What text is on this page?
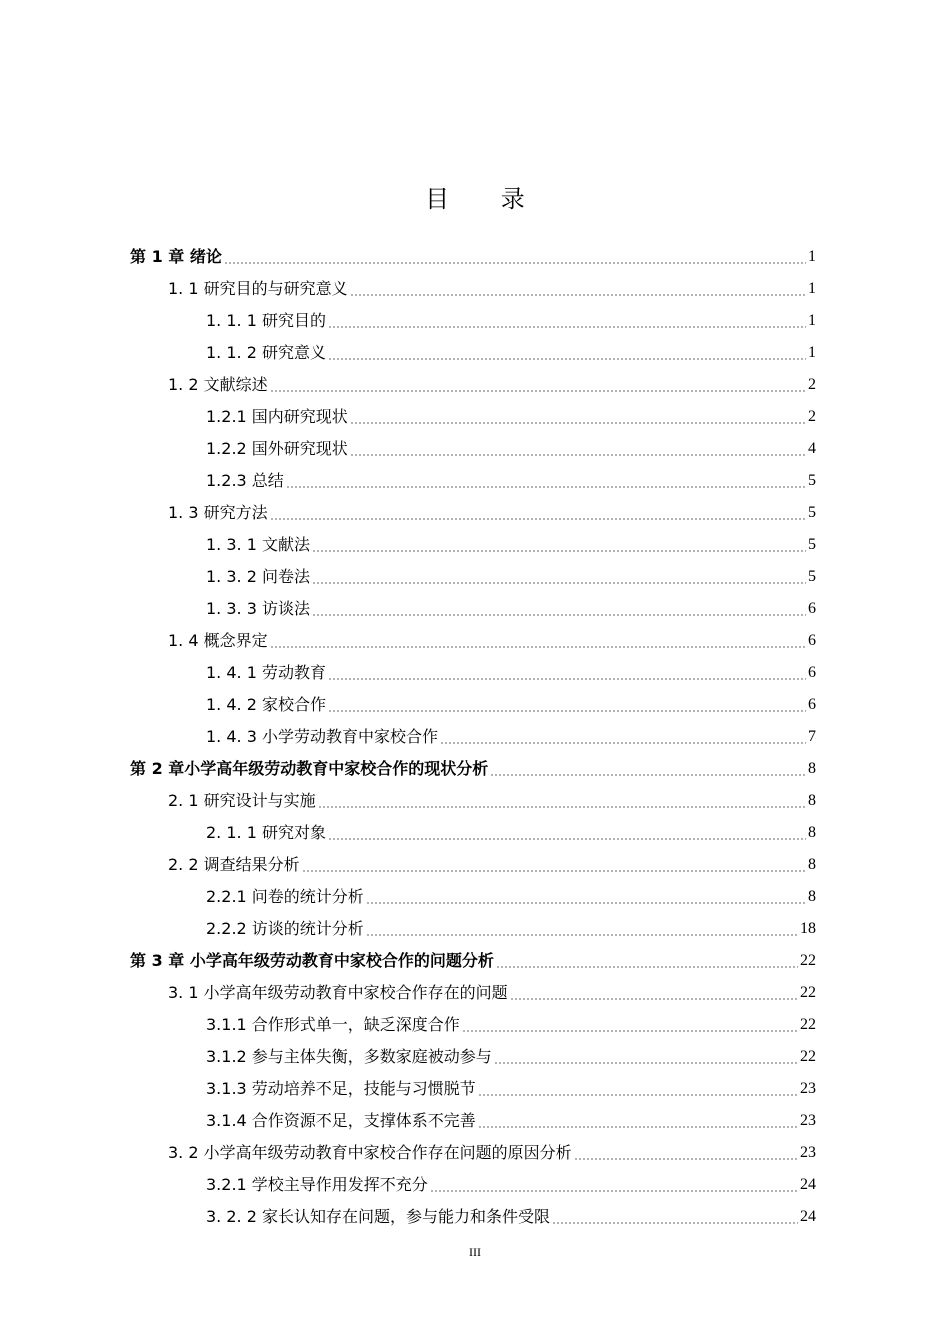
目 录
第 1 章 绪论	1
1. 1 研究目的与研究意义	1
1. 1. 1 研究目的	1
1. 1. 2 研究意义	1
1. 2 文献综述	2
1.2.1 国内研究现状	2
1.2.2 国外研究现状	4
1.2.3 总结	5
1. 3 研究方法	5
1. 3. 1 文献法	5
1. 3. 2 问卷法	5
1. 3. 3 访谈法	6
1. 4 概念界定	6
1. 4. 1 劳动教育	6
1. 4. 2 家校合作	6
1. 4. 3 小学劳动教育中家校合作	7
第 2 章小学高年级劳动教育中家校合作的现状分析	8
2. 1 研究设计与实施	8
2. 1. 1 研究对象	8
2. 2 调查结果分析	8
2.2.1 问卷的统计分析	8
2.2.2 访谈的统计分析	18
第 3 章 小学高年级劳动教育中家校合作的问题分析	22
3. 1 小学高年级劳动教育中家校合作存在的问题	22
3.1.1 合作形式单一，缺乏深度合作	22
3.1.2 参与主体失衡，多数家庭被动参与	22
3.1.3 劳动培养不足，技能与习惯脱节	23
3.1.4 合作资源不足，支撑体系不完善	23
3. 2 小学高年级劳动教育中家校合作存在问题的原因分析	23
3.2.1 学校主导作用发挥不充分	24
3. 2. 2 家长认知存在问题，参与能力和条件受限	24
III
